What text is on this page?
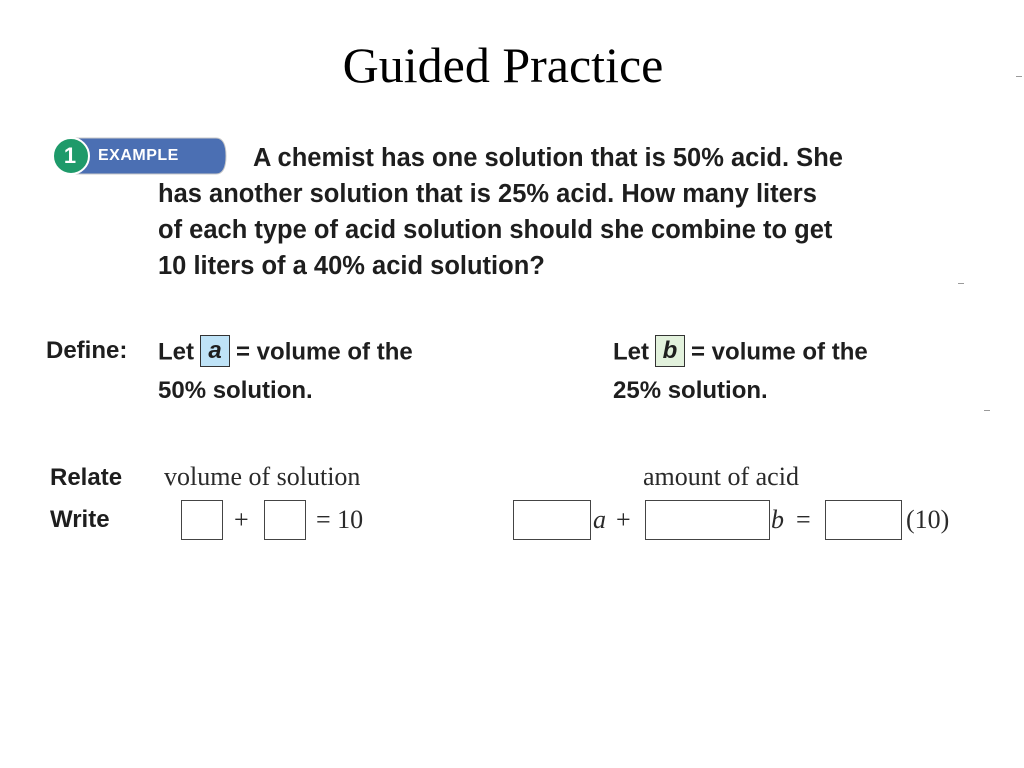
Guided Practice
1	EXAMPLE	A chemist has one solution that is 50% acid. She
has another solution that is 25% acid. How many liters
of each type of acid solution should she combine to get
10 liters of a 40% acid solution?
Define: Let a = volume of the
50% solution.
Let b = volume of the
25% solution.
Relate volume of solution	amount of acid
Write	+	= 10	a +	b =	(10)
